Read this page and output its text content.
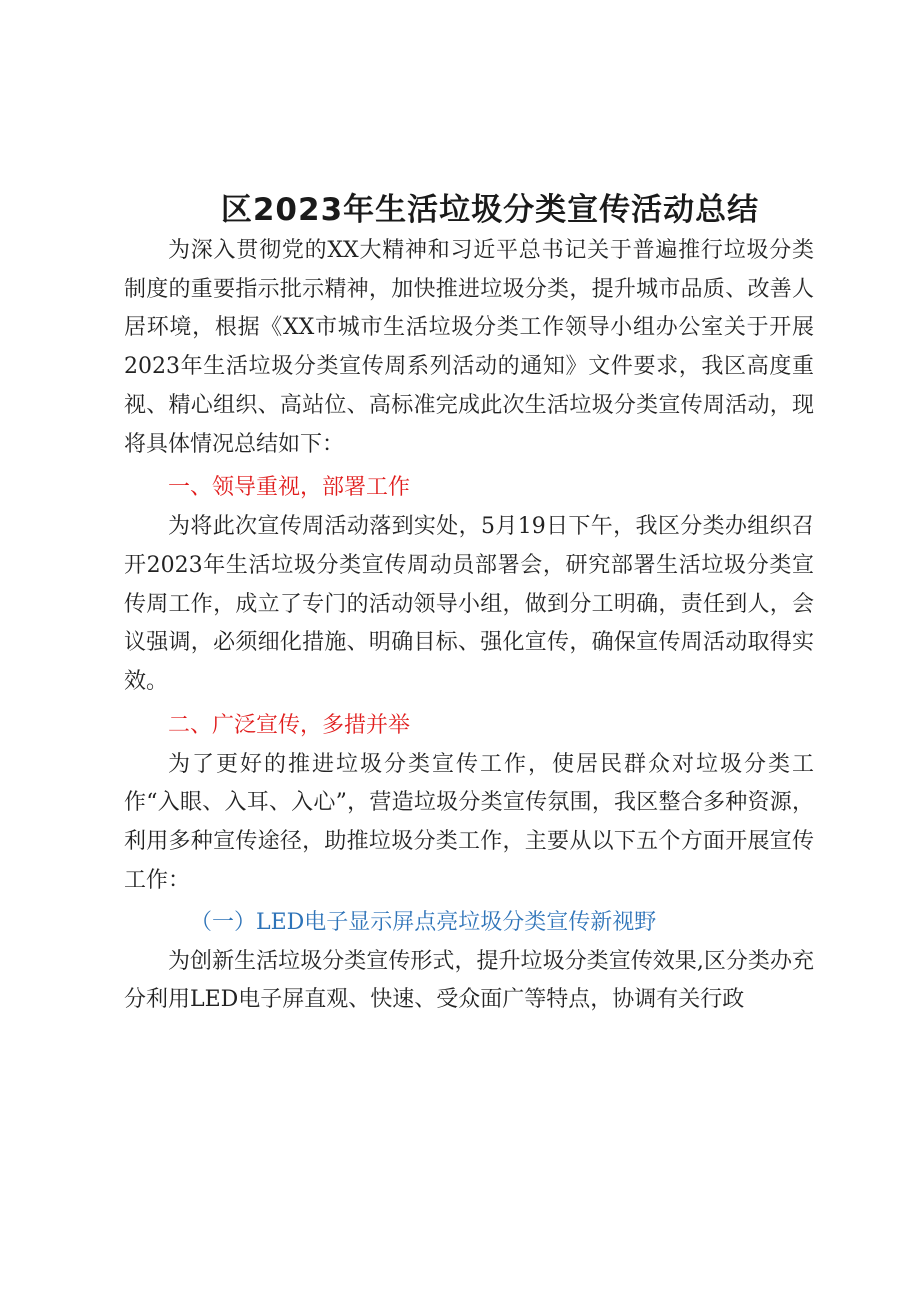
区2023年生活垃圾分类宣传活动总结

为深入贯彻党的XX大精神和习近平总书记关于普遍推行垃圾分类制度的重要指示批示精神，加快推进垃圾分类，提升城市品质、改善人居环境，根据《XX市城市生活垃圾分类工作领导小组办公室关于开展2023年生活垃圾分类宣传周系列活动的通知》文件要求，我区高度重视、精心组织、高站位、高标准完成此次生活垃圾分类宣传周活动，现将具体情况总结如下：

一、领导重视，部署工作

为将此次宣传周活动落到实处，5月19日下午，我区分类办组织召开2023年生活垃圾分类宣传周动员部署会，研究部署生活垃圾分类宣传周工作，成立了专门的活动领导小组，做到分工明确，责任到人，会议强调，必须细化措施、明确目标、强化宣传，确保宣传周活动取得实效。

二、广泛宣传，多措并举

为了更好的推进垃圾分类宣传工作，使居民群众对垃圾分类工作“入眼、入耳、入心”，营造垃圾分类宣传氛围，我区整合多种资源，利用多种宣传途径，助推垃圾分类工作，主要从以下五个方面开展宣传工作：

（一）LED电子显示屏点亮垃圾分类宣传新视野

为创新生活垃圾分类宣传形式，提升垃圾分类宣传效果,区分类办充分利用LED电子屏直观、快速、受众面广等特点，协调有关行政
